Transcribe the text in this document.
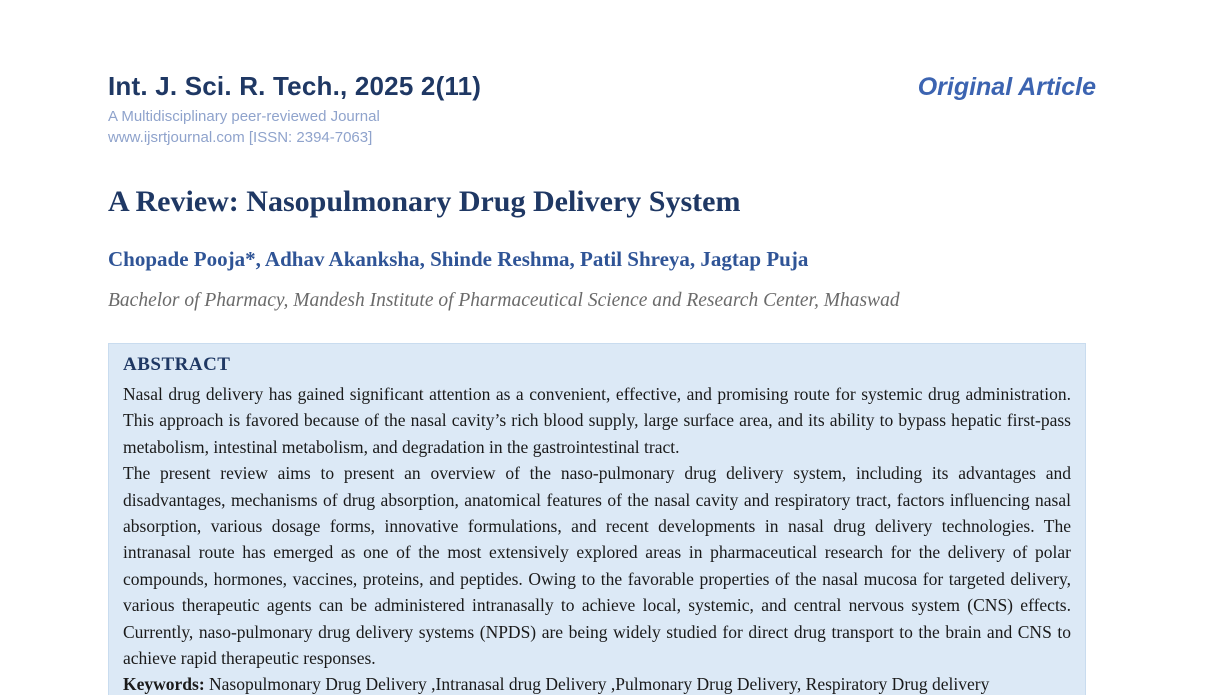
Int. J. Sci. R. Tech., 2025 2(11)
A Multidisciplinary peer-reviewed Journal
www.ijsrtjournal.com [ISSN: 2394-7063]
Original Article
A Review: Nasopulmonary Drug Delivery System
Chopade Pooja*, Adhav Akanksha, Shinde Reshma, Patil Shreya, Jagtap Puja
Bachelor of Pharmacy, Mandesh Institute of Pharmaceutical Science and Research Center, Mhaswad
ABSTRACT

Nasal drug delivery has gained significant attention as a convenient, effective, and promising route for systemic drug administration. This approach is favored because of the nasal cavity’s rich blood supply, large surface area, and its ability to bypass hepatic first-pass metabolism, intestinal metabolism, and degradation in the gastrointestinal tract.

The present review aims to present an overview of the naso-pulmonary drug delivery system, including its advantages and disadvantages, mechanisms of drug absorption, anatomical features of the nasal cavity and respiratory tract, factors influencing nasal absorption, various dosage forms, innovative formulations, and recent developments in nasal drug delivery technologies. The intranasal route has emerged as one of the most extensively explored areas in pharmaceutical research for the delivery of polar compounds, hormones, vaccines, proteins, and peptides. Owing to the favorable properties of the nasal mucosa for targeted delivery, various therapeutic agents can be administered intranasally to achieve local, systemic, and central nervous system (CNS) effects. Currently, naso-pulmonary drug delivery systems (NPDS) are being widely studied for direct drug transport to the brain and CNS to achieve rapid therapeutic responses.

Keywords: Nasopulmonary Drug Delivery ,Intranasal drug Delivery ,Pulmonary Drug Delivery, Respiratory Drug delivery
